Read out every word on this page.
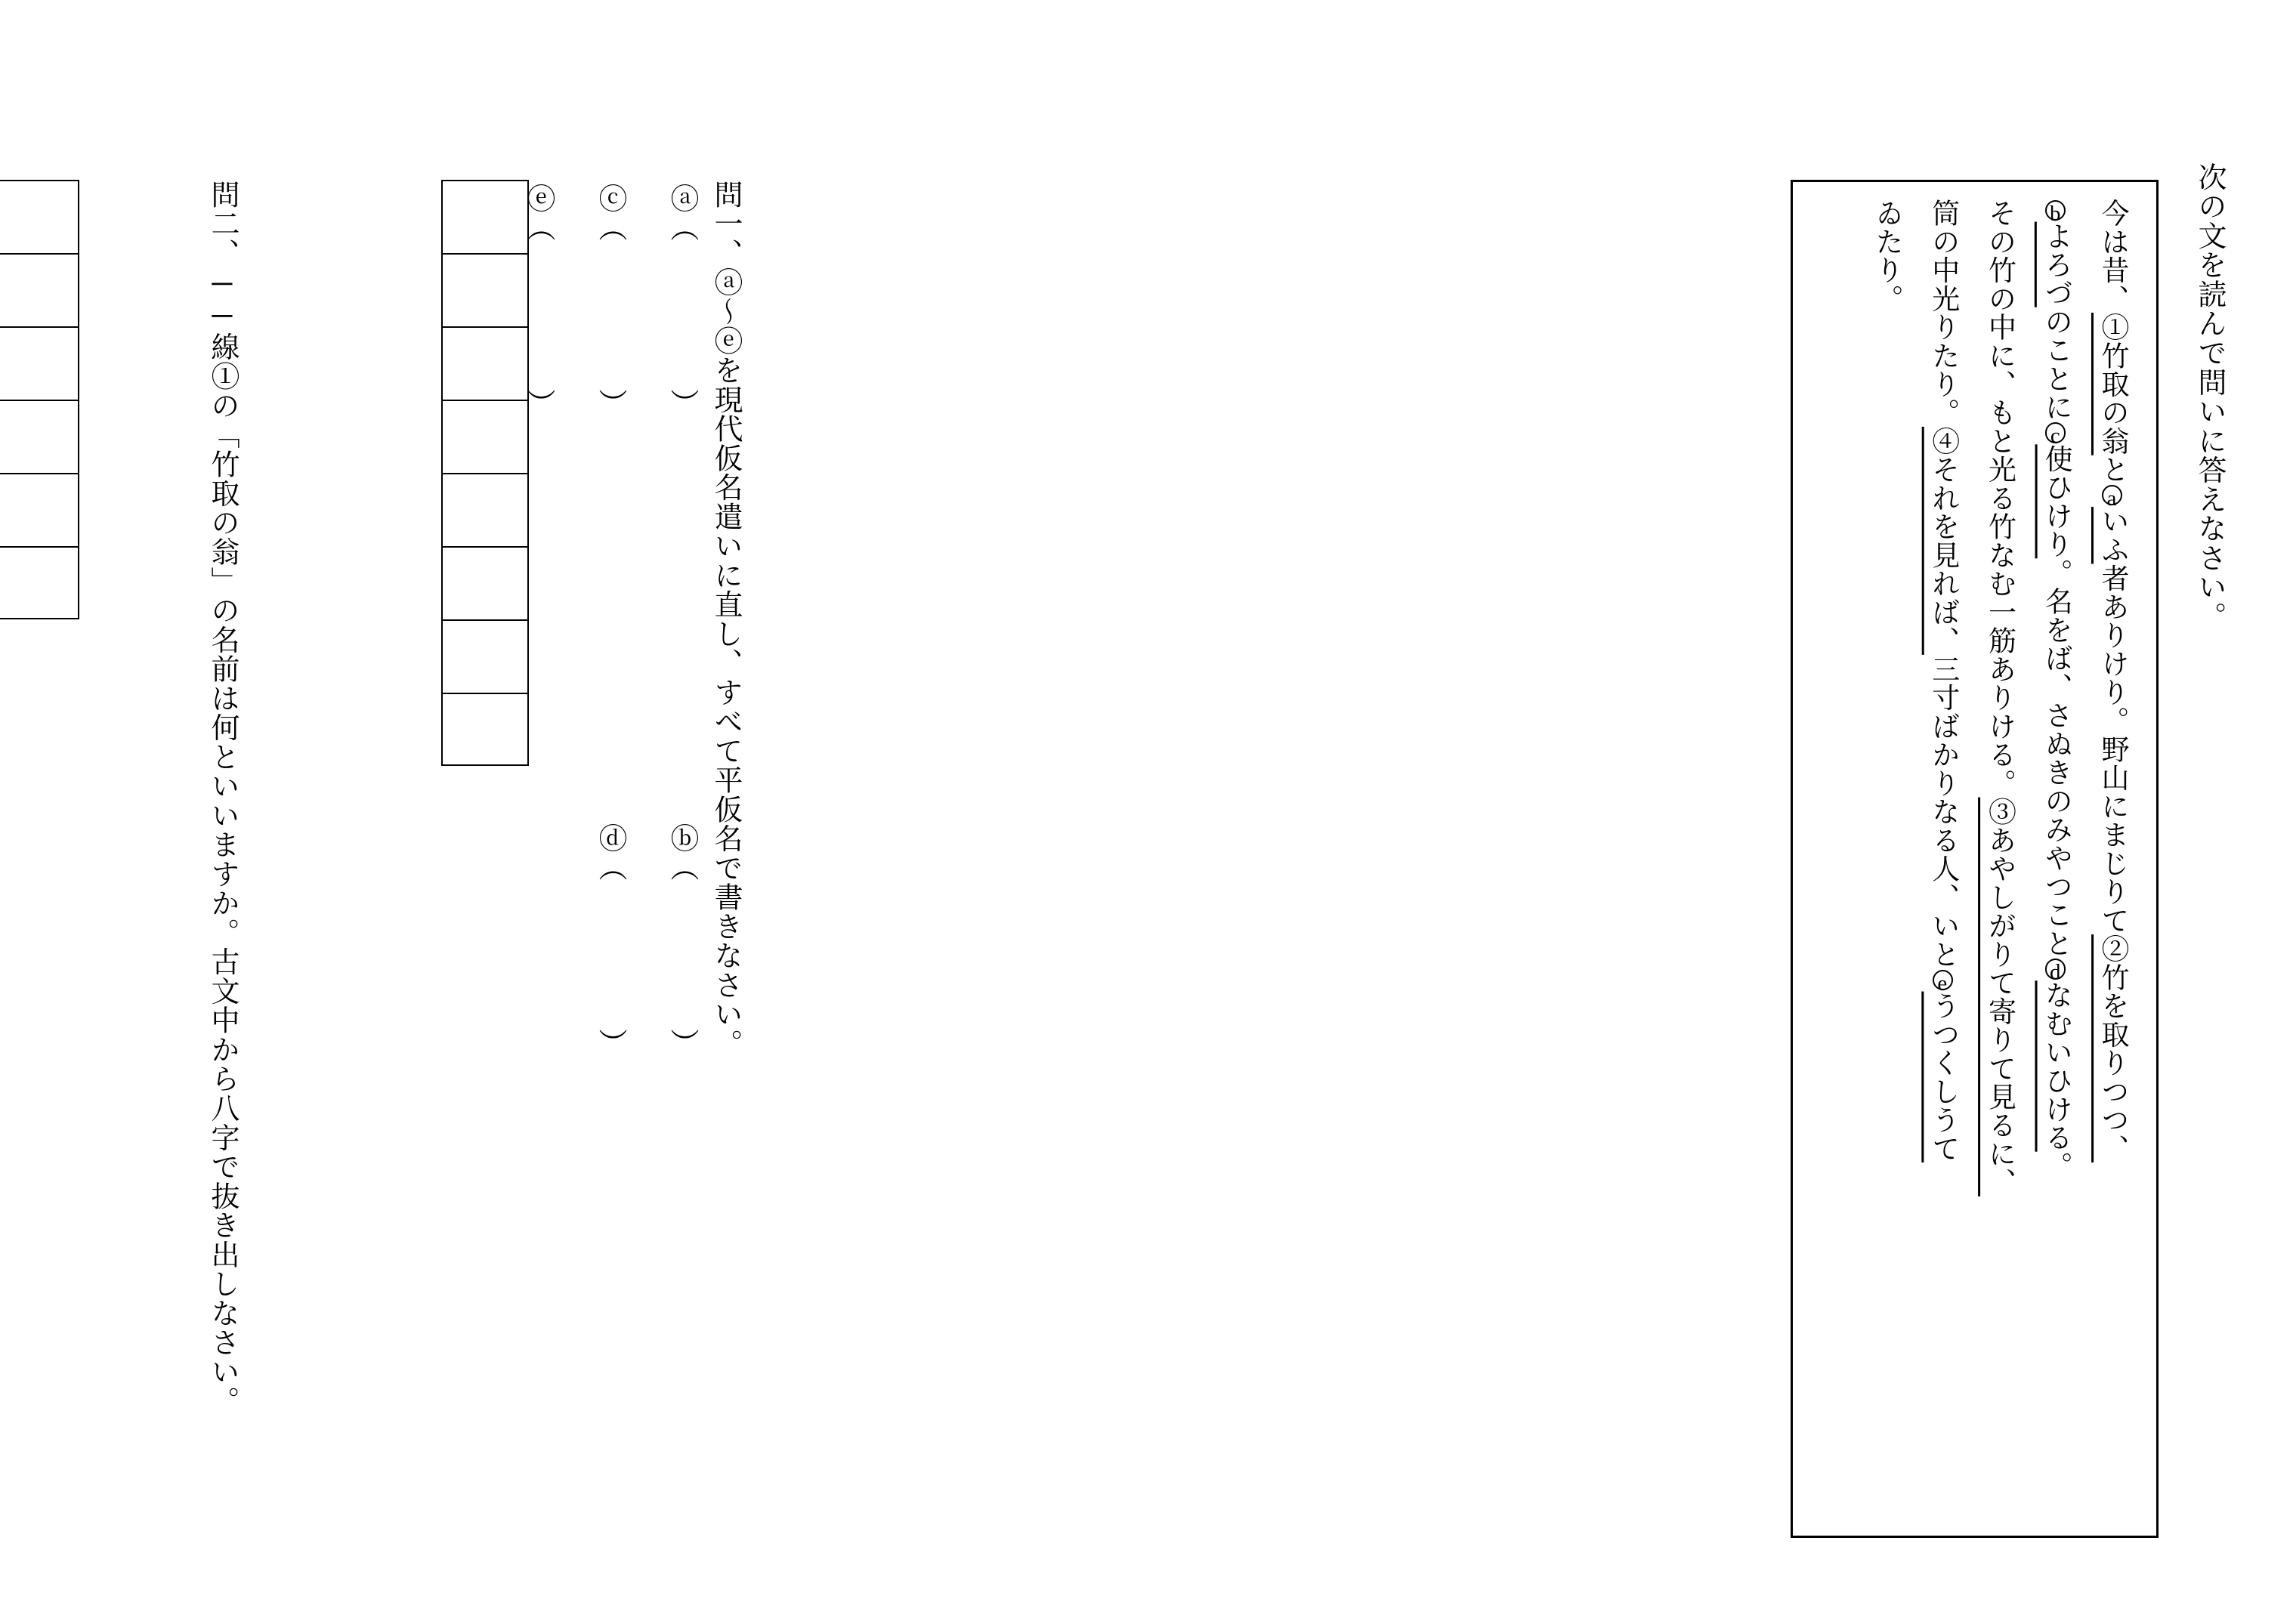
次の文を読んで問いに答えなさい。
今は昔、①竹取の翁とaいふ者ありけり。野山にまじりて②竹を取りつつ、
bよろづのことにc使ひけり。名をば、さぬきのみやつことdなむいひける。
その竹の中に、もと光る竹なむ一筋ありける。③あやしがりて寄りて見るに、
筒の中光りたり。④それを見れば、三寸ばかりなる人、いとeうつくしうて
ゐたり。
問一、ⓐ〜ⓔを現代仮名遣いに直し、すべて平仮名で書きなさい。
ⓐ（　　　　　）
ⓑ（　　　　　）
ⓒ（　　　　　）
ⓓ（　　　　　）
ⓔ（　　　　　）
問二、──線①の「竹取の翁」の名前は何といいますか。古文中から八字で抜き出しなさい。
